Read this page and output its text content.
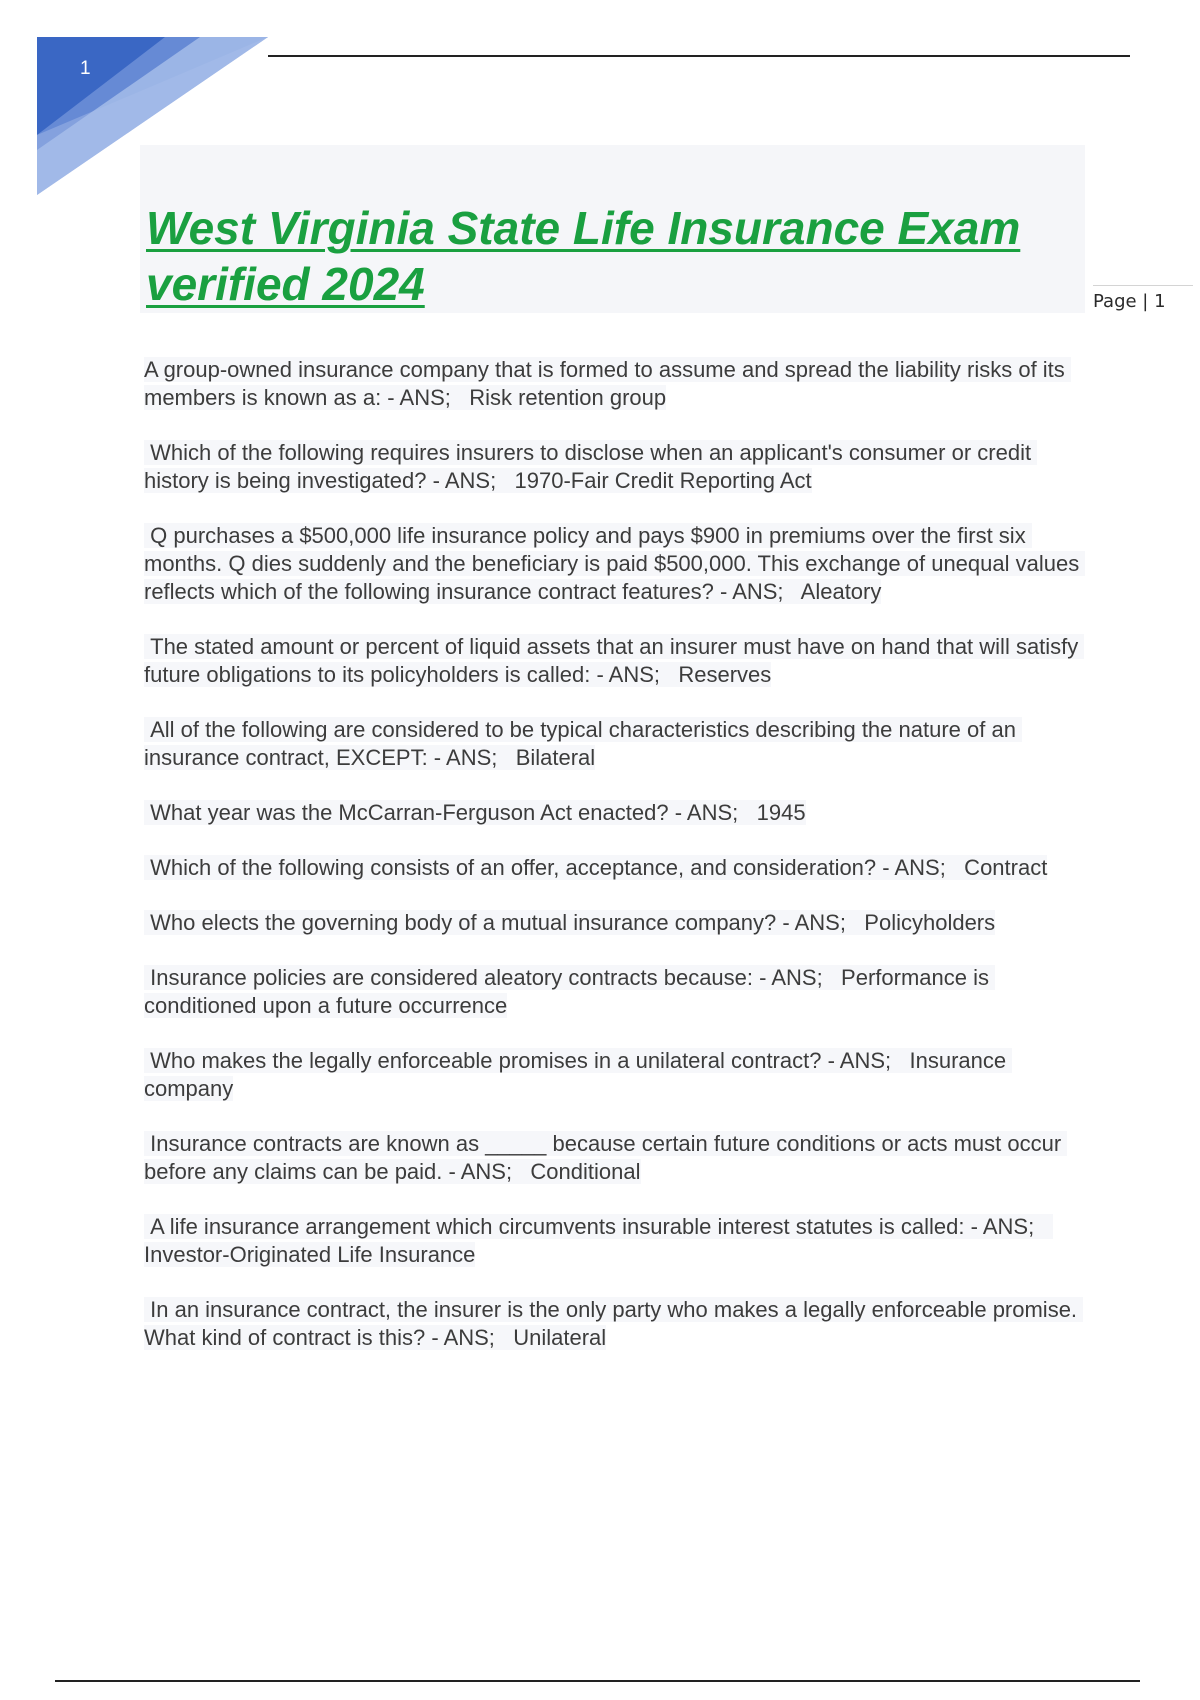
1
West Virginia State Life Insurance Exam verified 2024	Page | 1

A group-owned insurance company that is formed to assume and spread the liability risks of its members is known as a: - ANS;   Risk retention group

Which of the following requires insurers to disclose when an applicant's consumer or credit history is being investigated? - ANS;   1970-Fair Credit Reporting Act

Q purchases a $500,000 life insurance policy and pays $900 in premiums over the first six months. Q dies suddenly and the beneficiary is paid $500,000. This exchange of unequal values reflects which of the following insurance contract features? - ANS;   Aleatory

The stated amount or percent of liquid assets that an insurer must have on hand that will satisfy future obligations to its policyholders is called: - ANS;   Reserves

All of the following are considered to be typical characteristics describing the nature of an insurance contract, EXCEPT: - ANS;   Bilateral

What year was the McCarran-Ferguson Act enacted? - ANS;   1945

Which of the following consists of an offer, acceptance, and consideration? - ANS;   Contract

Who elects the governing body of a mutual insurance company? - ANS;   Policyholders

Insurance policies are considered aleatory contracts because: - ANS;   Performance is conditioned upon a future occurrence

Who makes the legally enforceable promises in a unilateral contract? - ANS;   Insurance company

Insurance contracts are known as _____ because certain future conditions or acts must occur before any claims can be paid. - ANS;   Conditional

A life insurance arrangement which circumvents insurable interest statutes is called: - ANS;   Investor-Originated Life Insurance

In an insurance contract, the insurer is the only party who makes a legally enforceable promise. What kind of contract is this? - ANS;   Unilateral
